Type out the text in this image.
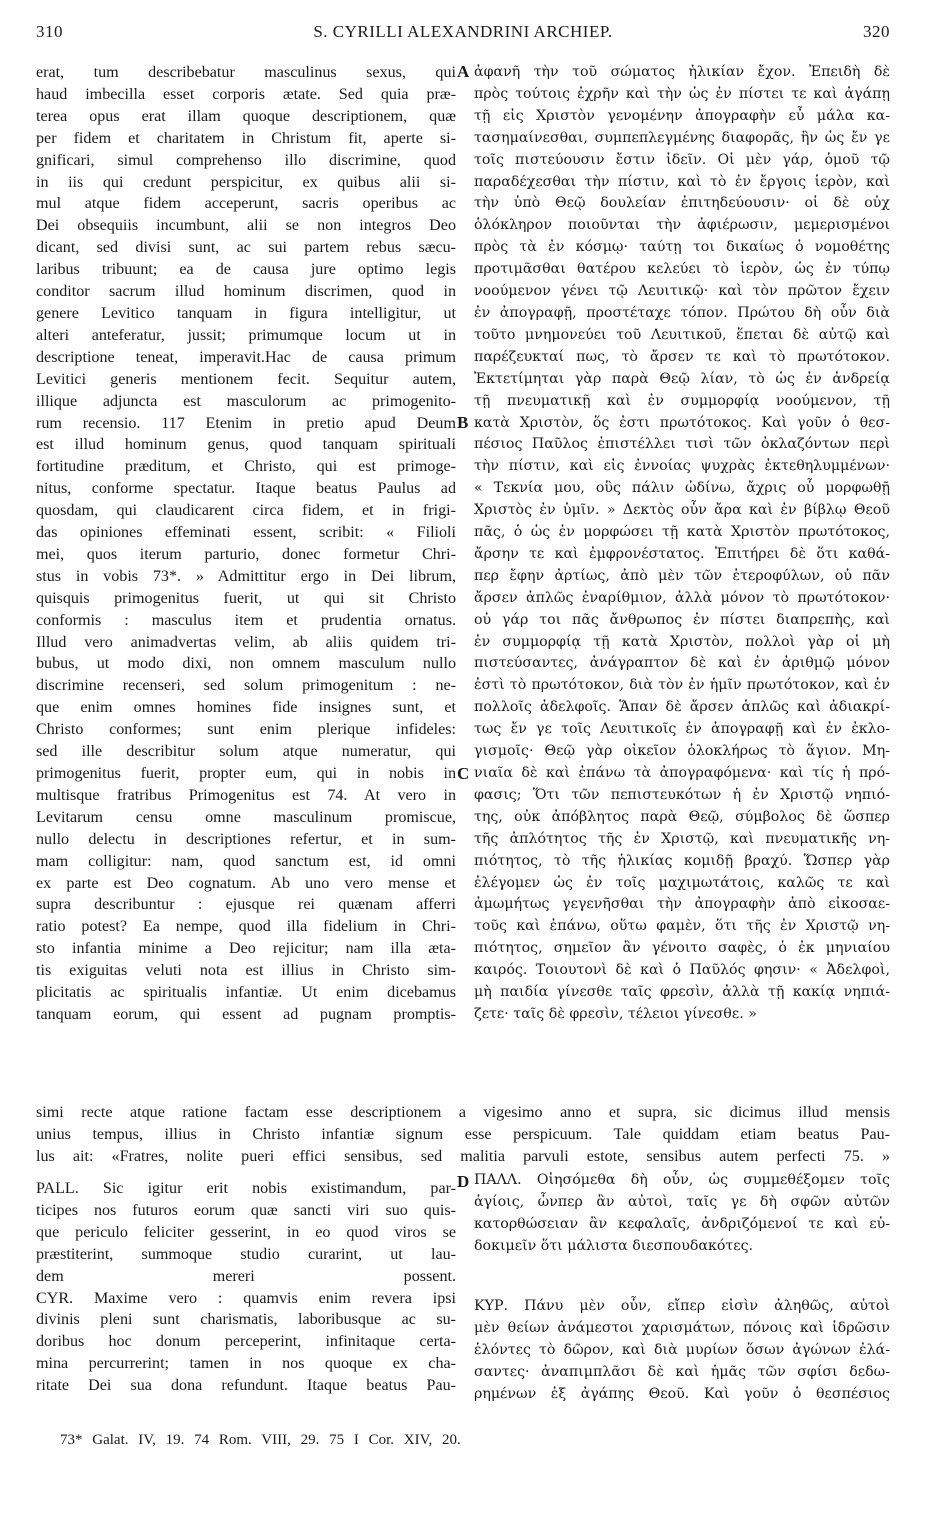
310	S. CYRILLI ALEXANDRINI ARCHIEP.	320
erat, tum describebatur masculinus sexus, qui
haud imbecilla esset corporis ætate. Sed quia præ-
terea opus erat illam quoque descriptionem, quæ
per fidem et charitatem in Christum fit, aperte si-
gnificari, simul comprehenso illo discrimine, quod
in iis qui credunt perspicitur, ex quibus alii si-
mul atque fidem acceperunt, sacris operibus ac
Dei obsequiis incumbunt, alii se non integros Deo
dicant, sed divisi sunt, ac sui partem rebus sæcu-
laribus tribuunt; ea de causa jure optimo legis
conditor sacrum illud hominum discrimen, quod in
genere Levitico tanquam in figura intelligitur, ut
alteri anteferatur, jussit; primumque locum ut in
descriptione teneat, imperavit.Hac de causa primum
Levitici generis mentionem fecit. Sequitur autem,
illique adjuncta est masculorum ac primogenito-
rum recensio. 117 Etenim in pretio apud Deum
est illud hominum genus, quod tanquam spirituali
fortitudine præditum, et Christo, qui est primoge-
nitus, conforme spectatur. Itaque beatus Paulus ad
quosdam, qui claudicarent circa fidem, et in frigi-
das opiniones effeminati essent, scribit: « Filioli
mei, quos iterum parturio, donec formetur Chri-
stus in vobis 73*. » Admittitur ergo in Dei librum,
quisquis primogenitus fuerit, ut qui sit Christo
conformis : masculus item et prudentia ornatus.
Illud vero animadvertas velim, ab aliis quidem tri-
bubus, ut modo dixi, non omnem masculum nullo
discrimine recenseri, sed solum primogenitum : ne-
que enim omnes homines fide insignes sunt, et
Christo conformes; sunt enim plerique infideles:
sed ille describitur solum atque numeratur, qui
primogenitus fuerit, propter eum, qui in nobis in
multisque fratribus Primogenitus est 74. At vero in
Levitarum censu omne masculinum promiscue,
nullo delectu in descriptiones refertur, et in sum-
mam colligitur: nam, quod sanctum est, id omni
ex parte est Deo cognatum. Ab uno vero mense et
supra describuntur : ejusque rei quænam afferri
ratio potest? Ea nempe, quod illa fidelium in Chri-
sto infantia minime a Deo rejicitur; nam illa æta-
tis exiguitas veluti nota est illius in Christo sim-
plicitatis ac spiritualis infantiæ. Ut enim dicebamus
tanquam eorum, qui essent ad pugnam promptis-
ἀφανῆ τὴν τοῦ σώματος ἡλικίαν ἔχον. Ἐπειδὴ δὲ
πρὸς τούτοις ἐχρῆν καὶ τὴν ὡς ἐν πίστει τε καὶ ἀγάπῃ
τῇ εἰς Χριστὸν γενομένην ἀπογραφὴν εὖ μάλα κα-
τασημαίνεσθαι, συμπεπλεγμένης διαφορᾶς, ἣν ὡς ἔν γε
τοῖς πιστεύουσιν ἔστιν ἰδεῖν. Οἱ μὲν γάρ, ὁμοῦ τῷ
παραδέχεσθαι τὴν πίστιν, καὶ τὸ ἐν ἔργοις ἱερὸν, καὶ
τὴν ὑπὸ Θεῷ δουλείαν ἐπιτηδεύουσιν· οἱ δὲ οὐχ
ὁλόκληρον ποιοῦνται τὴν ἀφιέρωσιν, μεμερισμένοι
πρὸς τὰ ἐν κόσμῳ· ταύτῃ τοι δικαίως ὁ νομοθέτης
προτιμᾶσθαι θατέρου κελεύει τὸ ἱερὸν, ὡς ἐν τύπῳ
νοούμενον γένει τῷ Λευιτικῷ· καὶ τὸν πρῶτον ἔχειν
ἐν ἀπογραφῇ, προστέταχε τόπον. Πρώτου δὴ οὖν διὰ
τοῦτο μνημονεύει τοῦ Λευιτικοῦ, ἕπεται δὲ αὐτῷ καὶ
παρέζευκταί πως, τὸ ἄρσεν τε καὶ τὸ πρωτότοκον.
Ἐκτετίμηται γὰρ παρὰ Θεῷ λίαν, τὸ ὡς ἐν ἀνδρείᾳ
τῇ πνευματικῇ καὶ ἐν συμμορφίᾳ νοούμενον, τῇ
κατὰ Χριστὸν, ὅς ἐστι πρωτότοκος. Καὶ γοῦν ὁ θεσ-
πέσιος Παῦλος ἐπιστέλλει τισὶ τῶν ὀκλαζόντων περὶ
τὴν πίστιν, καὶ εἰς ἐννοίας ψυχρὰς ἐκτεθηλυμμένων·
« Τεκνία μου, οὓς πάλιν ὠδίνω, ἄχρις οὗ μορφωθῇ
Χριστὸς ἐν ὑμῖν. » Δεκτὸς οὖν ἄρα καὶ ἐν βίβλῳ Θεοῦ
πᾶς, ὁ ὡς ἐν μορφώσει τῇ κατὰ Χριστὸν πρωτότοκος,
ἄρσην τε καὶ ἐμφρονέστατος. Ἐπιτήρει δὲ ὅτι καθά-
περ ἔφην ἀρτίως, ἀπὸ μὲν τῶν ἑτεροφύλων, οὐ πᾶν
ἄρσεν ἁπλῶς ἐναρίθμιον, ἀλλὰ μόνον τὸ πρωτότοκον·
οὐ γάρ τοι πᾶς ἄνθρωπος ἐν πίστει διαπρεπὴς, καὶ
ἐν συμμορφίᾳ τῇ κατὰ Χριστὸν, πολλοὶ γὰρ οἱ μὴ
πιστεύσαντες, ἀνάγραπτον δὲ καὶ ἐν ἀριθμῷ μόνον
ἐστὶ τὸ πρωτότοκον, διὰ τὸν ἐν ἡμῖν πρωτότοκον, καὶ ἐν
πολλοῖς ἀδελφοῖς. Ἅπαν δὲ ἄρσεν ἁπλῶς καὶ ἀδιακρί-
τως ἔν γε τοῖς Λευιτικοῖς ἐν ἀπογραφῇ καὶ ἐν ἐκλο-
γισμοῖς· Θεῷ γὰρ οἰκεῖον ὁλοκλήρως τὸ ἅγιον. Μη-
νιαῖα δὲ καὶ ἐπάνω τὰ ἀπογραφόμενα· καὶ τίς ἡ πρό-
φασις; Ὅτι τῶν πεπιστευκότων ἡ ἐν Χριστῷ νηπιό-
της, οὐκ ἀπόβλητος παρὰ Θεῷ, σύμβολος δὲ ὥσπερ
τῆς ἁπλότητος τῆς ἐν Χριστῷ, καὶ πνευματικῆς νη-
πιότητος, τὸ τῆς ἡλικίας κομιδῇ βραχύ. Ὥσπερ γὰρ
ἐλέγομεν ὡς ἐν τοῖς μαχιμωτάτοις, καλῶς τε καὶ
ἀμωμήτως γεγενῆσθαι τὴν ἀπογραφὴν ἀπὸ εἰκοσαε-
τοῦς καὶ ἐπάνω, οὕτω φαμὲν, ὅτι τῆς ἐν Χριστῷ νη-
πιότητος, σημεῖον ἂν γένοιτο σαφὲς, ὁ ἐκ μηνιαίου
καιρός. Τοιουτονὶ δὲ καὶ ὁ Παῦλός φησιν· « Ἀδελφοὶ,
μὴ παιδία γίνεσθε ταῖς φρεσὶν, ἀλλὰ τῇ κακίᾳ νηπιά-
ζετε· ταῖς δὲ φρεσὶν, τέλειοι γίνεσθε. »
simi recte atque ratione factam esse descriptionem a vigesimo anno et supra, sic dicimus illud mensis
unius tempus, illius in Christo infantiæ signum esse perspicuum. Tale quiddam etiam beatus Pau-
lus ait: «Fratres, nolite pueri effici sensibus, sed malitia parvuli estote, sensibus autem perfecti 75. »
PALL. Sic igitur erit nobis existimandum, par-
ticipes nos futuros eorum quæ sancti viri suo quis-
que periculo feliciter gesserint, in eo quod viros se
præstiterint, summoque studio curarint, ut lau-
dem mereri possent.
CYR. Maxime vero : quamvis enim revera ipsi
divinis pleni sunt charismatis, laboribusque ac su-
doribus hoc donum perceperint, infinitaque certa-
mina percurrerint; tamen in nos quoque ex cha-
ritate Dei sua dona refundunt. Itaque beatus Pau-
ΠΑΛΛ. Οἰησόμεθα δὴ οὖν, ὡς συμμεθέξομεν τοῖς
ἁγίοις, ὧνπερ ἂν αὐτοὶ, ταῖς γε δὴ σφῶν αὐτῶν
κατορθώσειαν ἂν κεφαλαῖς, ἀνδριζόμενοί τε καὶ εὐ-
δοκιμεῖν ὅτι μάλιστα διεσπουδακότες.
ΚΥΡ. Πάνυ μὲν οὖν, εἴπερ εἰσὶν ἀληθῶς, αὐτοὶ
μὲν θείων ἀνάμεστοι χαρισμάτων, πόνοις καὶ ἱδρῶσιν
ἑλόντες τὸ δῶρον, καὶ διὰ μυρίων ὅσων ἀγώνων ἐλά-
σαντες· ἀναπιμπλᾶσι δὲ καὶ ἡμᾶς τῶν σφίσι δεδω-
ρημένων ἐξ ἀγάπης Θεοῦ. Καὶ γοῦν ὁ θεσπέσιος
A
B
C
D
73* Galat. IV, 19. 74 Rom. VIII, 29. 75 I Cor. XIV, 20.
